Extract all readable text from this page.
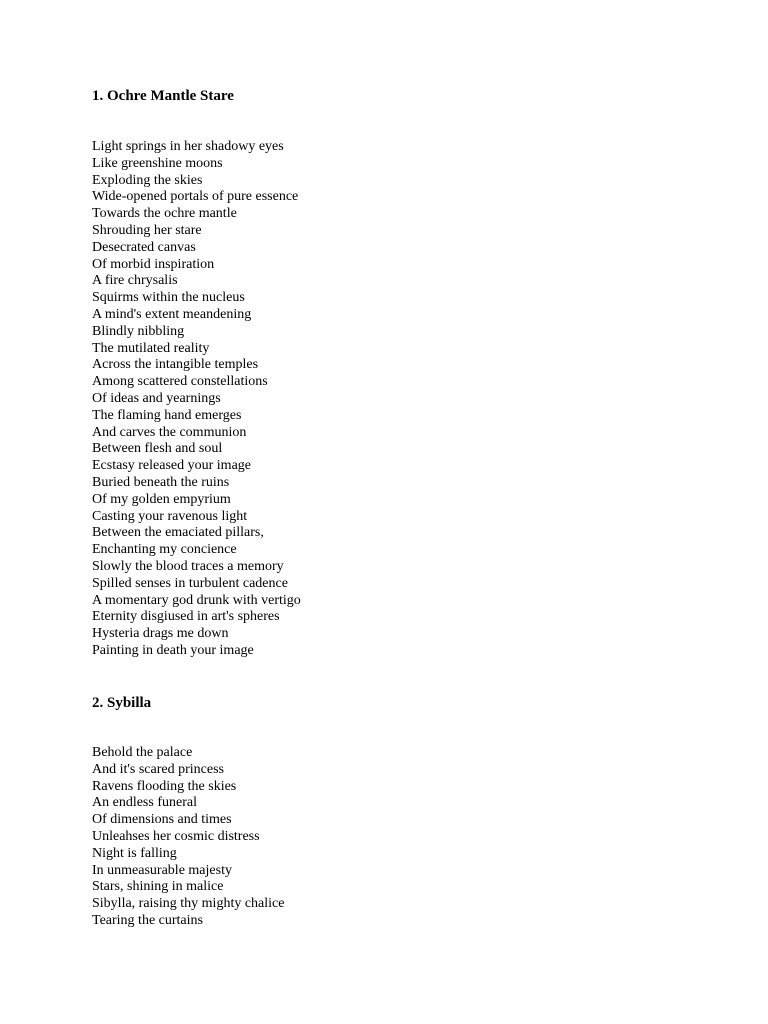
1. Ochre Mantle Stare
Light springs in her shadowy eyes
Like greenshine moons
Exploding the skies
Wide-opened portals of pure essence
Towards the ochre mantle
Shrouding her stare
Desecrated canvas
Of morbid inspiration
A fire chrysalis
Squirms within the nucleus
A mind's extent meandening
Blindly nibbling
The mutilated reality
Across the intangible temples
Among scattered constellations
Of ideas and yearnings
The flaming hand emerges
And carves the communion
Between flesh and soul
Ecstasy released your image
Buried beneath the ruins
Of my golden empyrium
Casting your ravenous light
Between the emaciated pillars,
Enchanting my concience
Slowly the blood traces a memory
Spilled senses in turbulent cadence
A momentary god drunk with vertigo
Eternity disgiused in art's spheres
Hysteria drags me down
Painting in death your image
2. Sybilla
Behold the palace
And it's scared princess
Ravens flooding the skies
An endless funeral
Of dimensions and times
Unleahses her cosmic distress
Night is falling
In unmeasurable majesty
Stars, shining in malice
Sibylla, raising thy mighty chalice
Tearing the curtains
